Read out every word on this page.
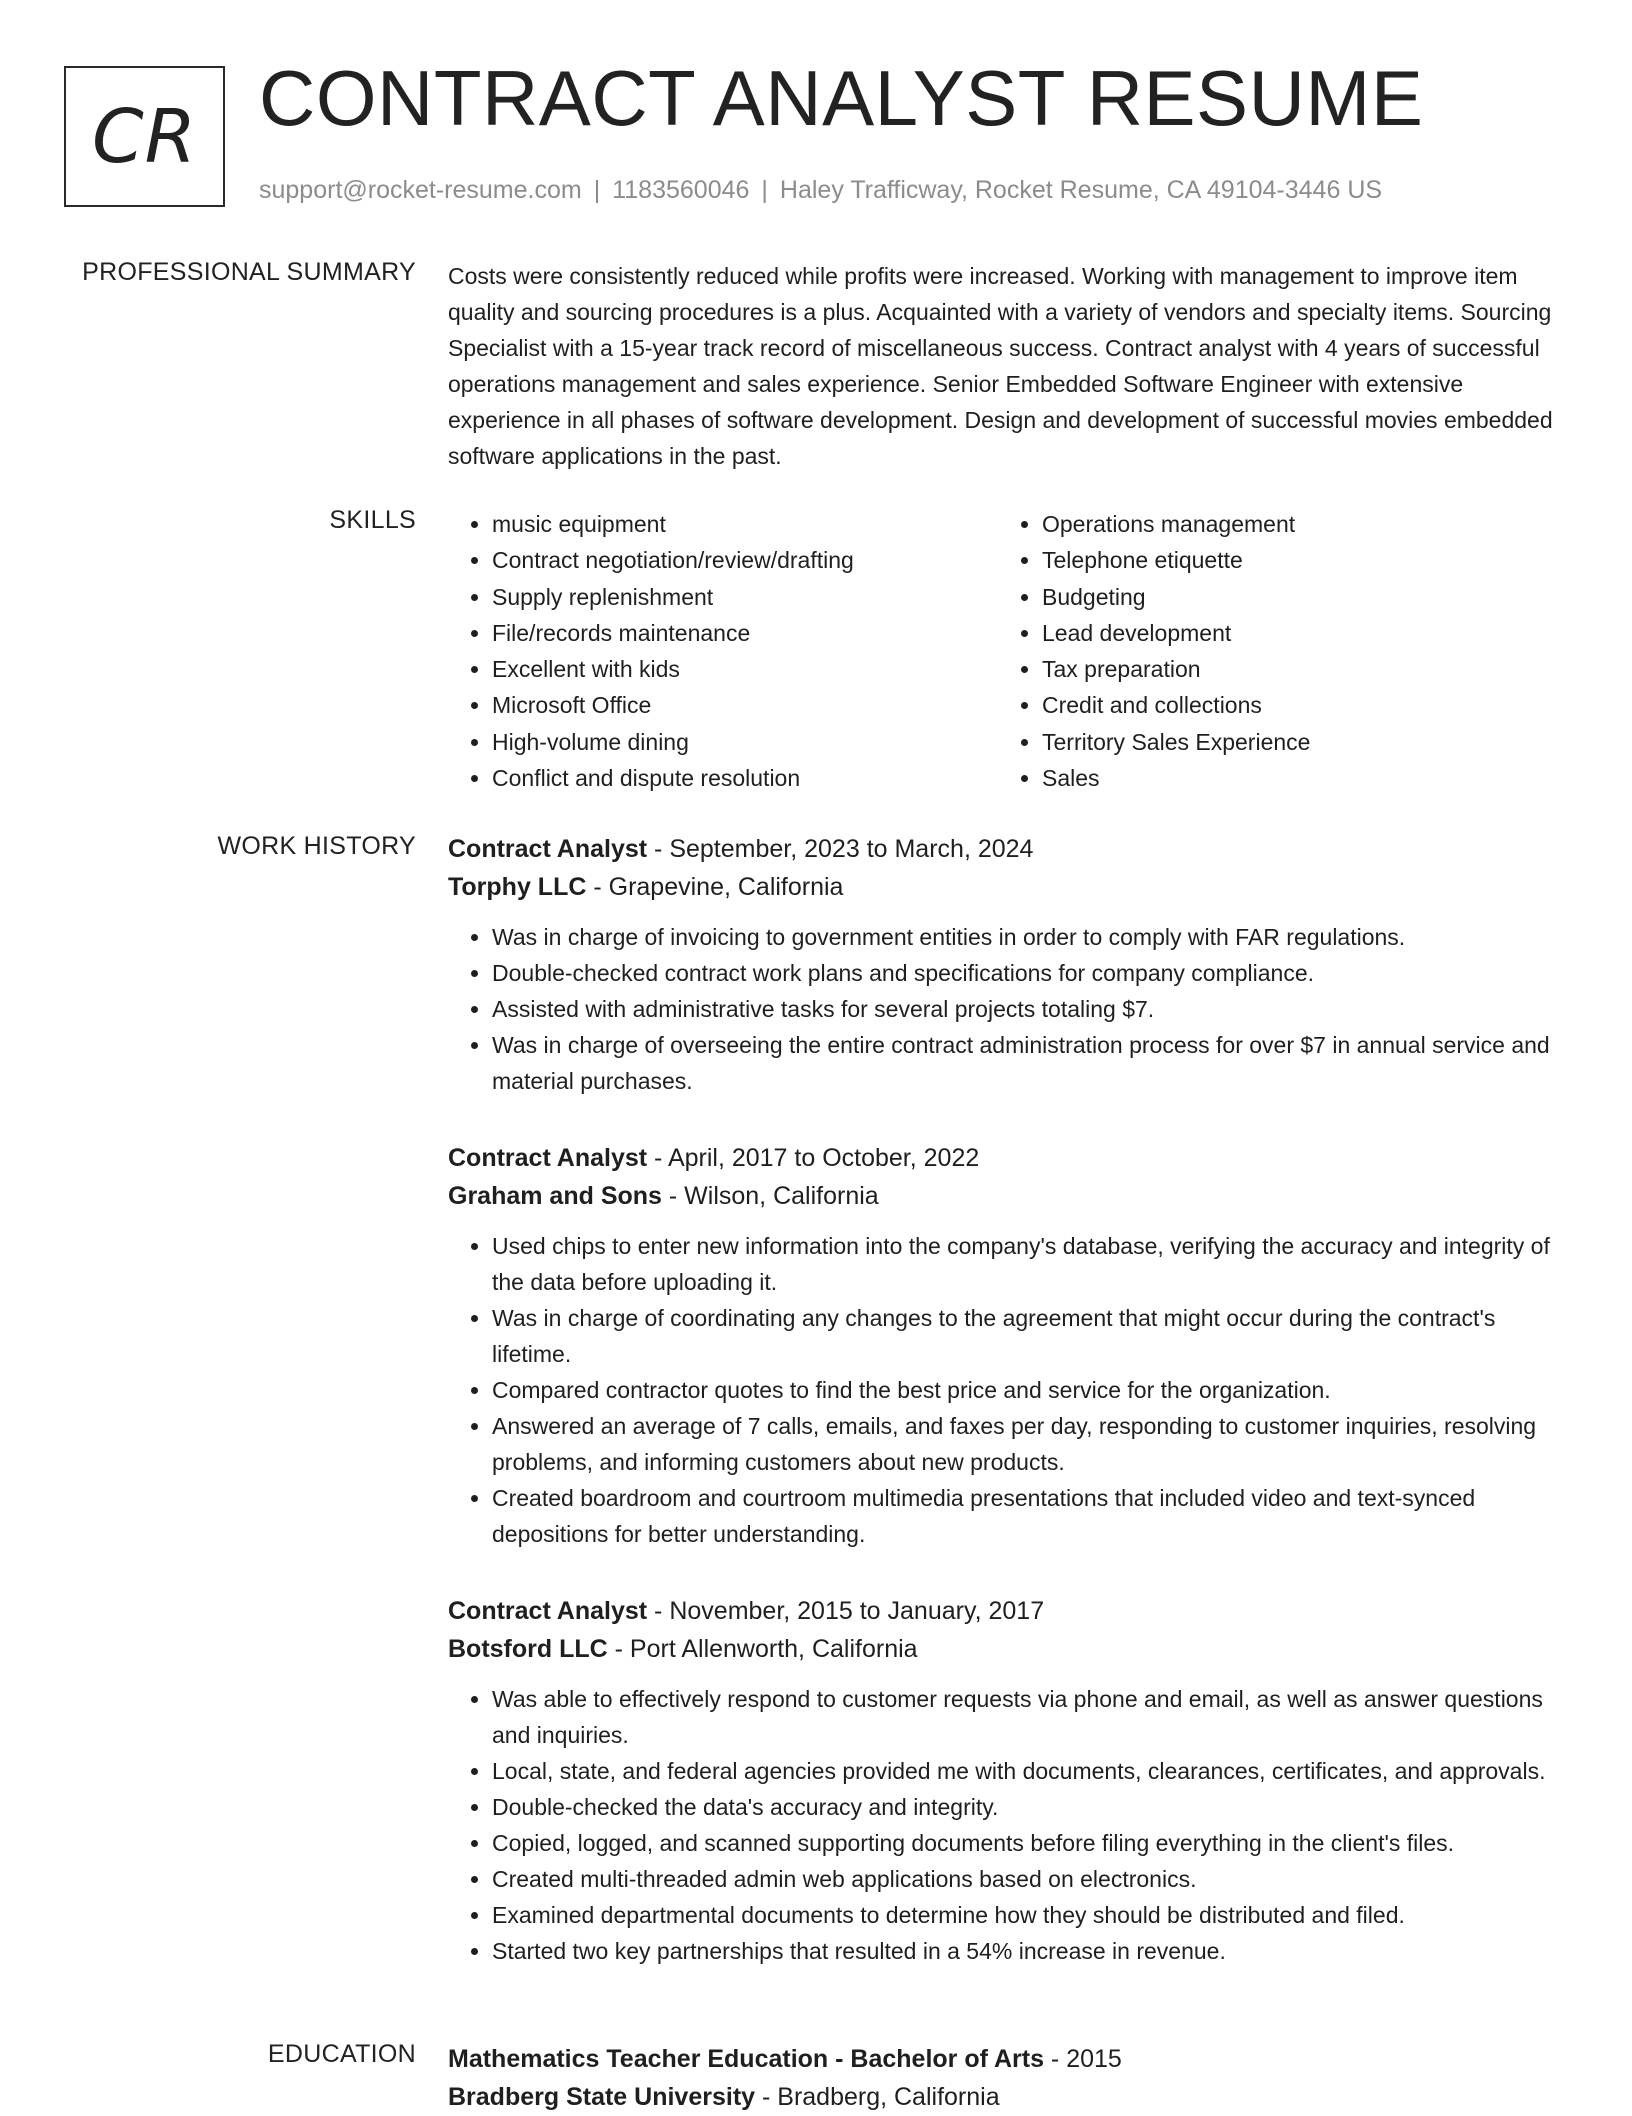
CR CONTRACT ANALYST RESUME
support@rocket-resume.com | 1183560046 | Haley Trafficway, Rocket Resume, CA 49104-3446 US
PROFESSIONAL SUMMARY Costs were consistently reduced while profits were increased. Working with management to improve item quality and sourcing procedures is a plus. Acquainted with a variety of vendors and specialty items. Sourcing Specialist with a 15-year track record of miscellaneous success. Contract analyst with 4 years of successful operations management and sales experience. Senior Embedded Software Engineer with extensive experience in all phases of software development. Design and development of successful movies embedded software applications in the past.

SKILLS
•	music equipment
• Contract negotiation/review/drafting
• Supply replenishment
• File/records maintenance
• Excellent with kids
• Microsoft Office
• High-volume dining
• Conflict and dispute resolution
• Operations management
• Telephone etiquette
• Budgeting
• Lead development
• Tax preparation
• Credit and collections
• Territory Sales Experience
• Sales
WORK HISTORY Contract Analyst - September, 2023 to March, 2024
Torphy LLC - Grapevine, California
• Was in charge of invoicing to government entities in order to comply with FAR regulations.
• Double-checked contract work plans and specifications for company compliance.
• Assisted with administrative tasks for several projects totaling $7.
• Was in charge of overseeing the entire contract administration process for over $7 in annual service and material purchases.
Contract Analyst - April, 2017 to October, 2022
Graham and Sons - Wilson, California
• Used chips to enter new information into the company's database, verifying the accuracy and integrity of the data before uploading it.
• Was in charge of coordinating any changes to the agreement that might occur during the contract's lifetime.
• Compared contractor quotes to find the best price and service for the organization.
• Answered an average of 7 calls, emails, and faxes per day, responding to customer inquiries, resolving problems, and informing customers about new products.
• Created boardroom and courtroom multimedia presentations that included video and text-synced depositions for better understanding.
Contract Analyst - November, 2015 to January, 2017
Botsford LLC - Port Allenworth, California
• Was able to effectively respond to customer requests via phone and email, as well as answer questions and inquiries.
• Local, state, and federal agencies provided me with documents, clearances, certificates, and approvals.
• Double-checked the data's accuracy and integrity.
• Copied, logged, and scanned supporting documents before filing everything in the client's files.
• Created multi-threaded admin web applications based on electronics.
• Examined departmental documents to determine how they should be distributed and filed.
• Started two key partnerships that resulted in a 54% increase in revenue.
EDUCATION Mathematics Teacher Education - Bachelor of Arts - 2015
Bradberg State University - Bradberg, California
